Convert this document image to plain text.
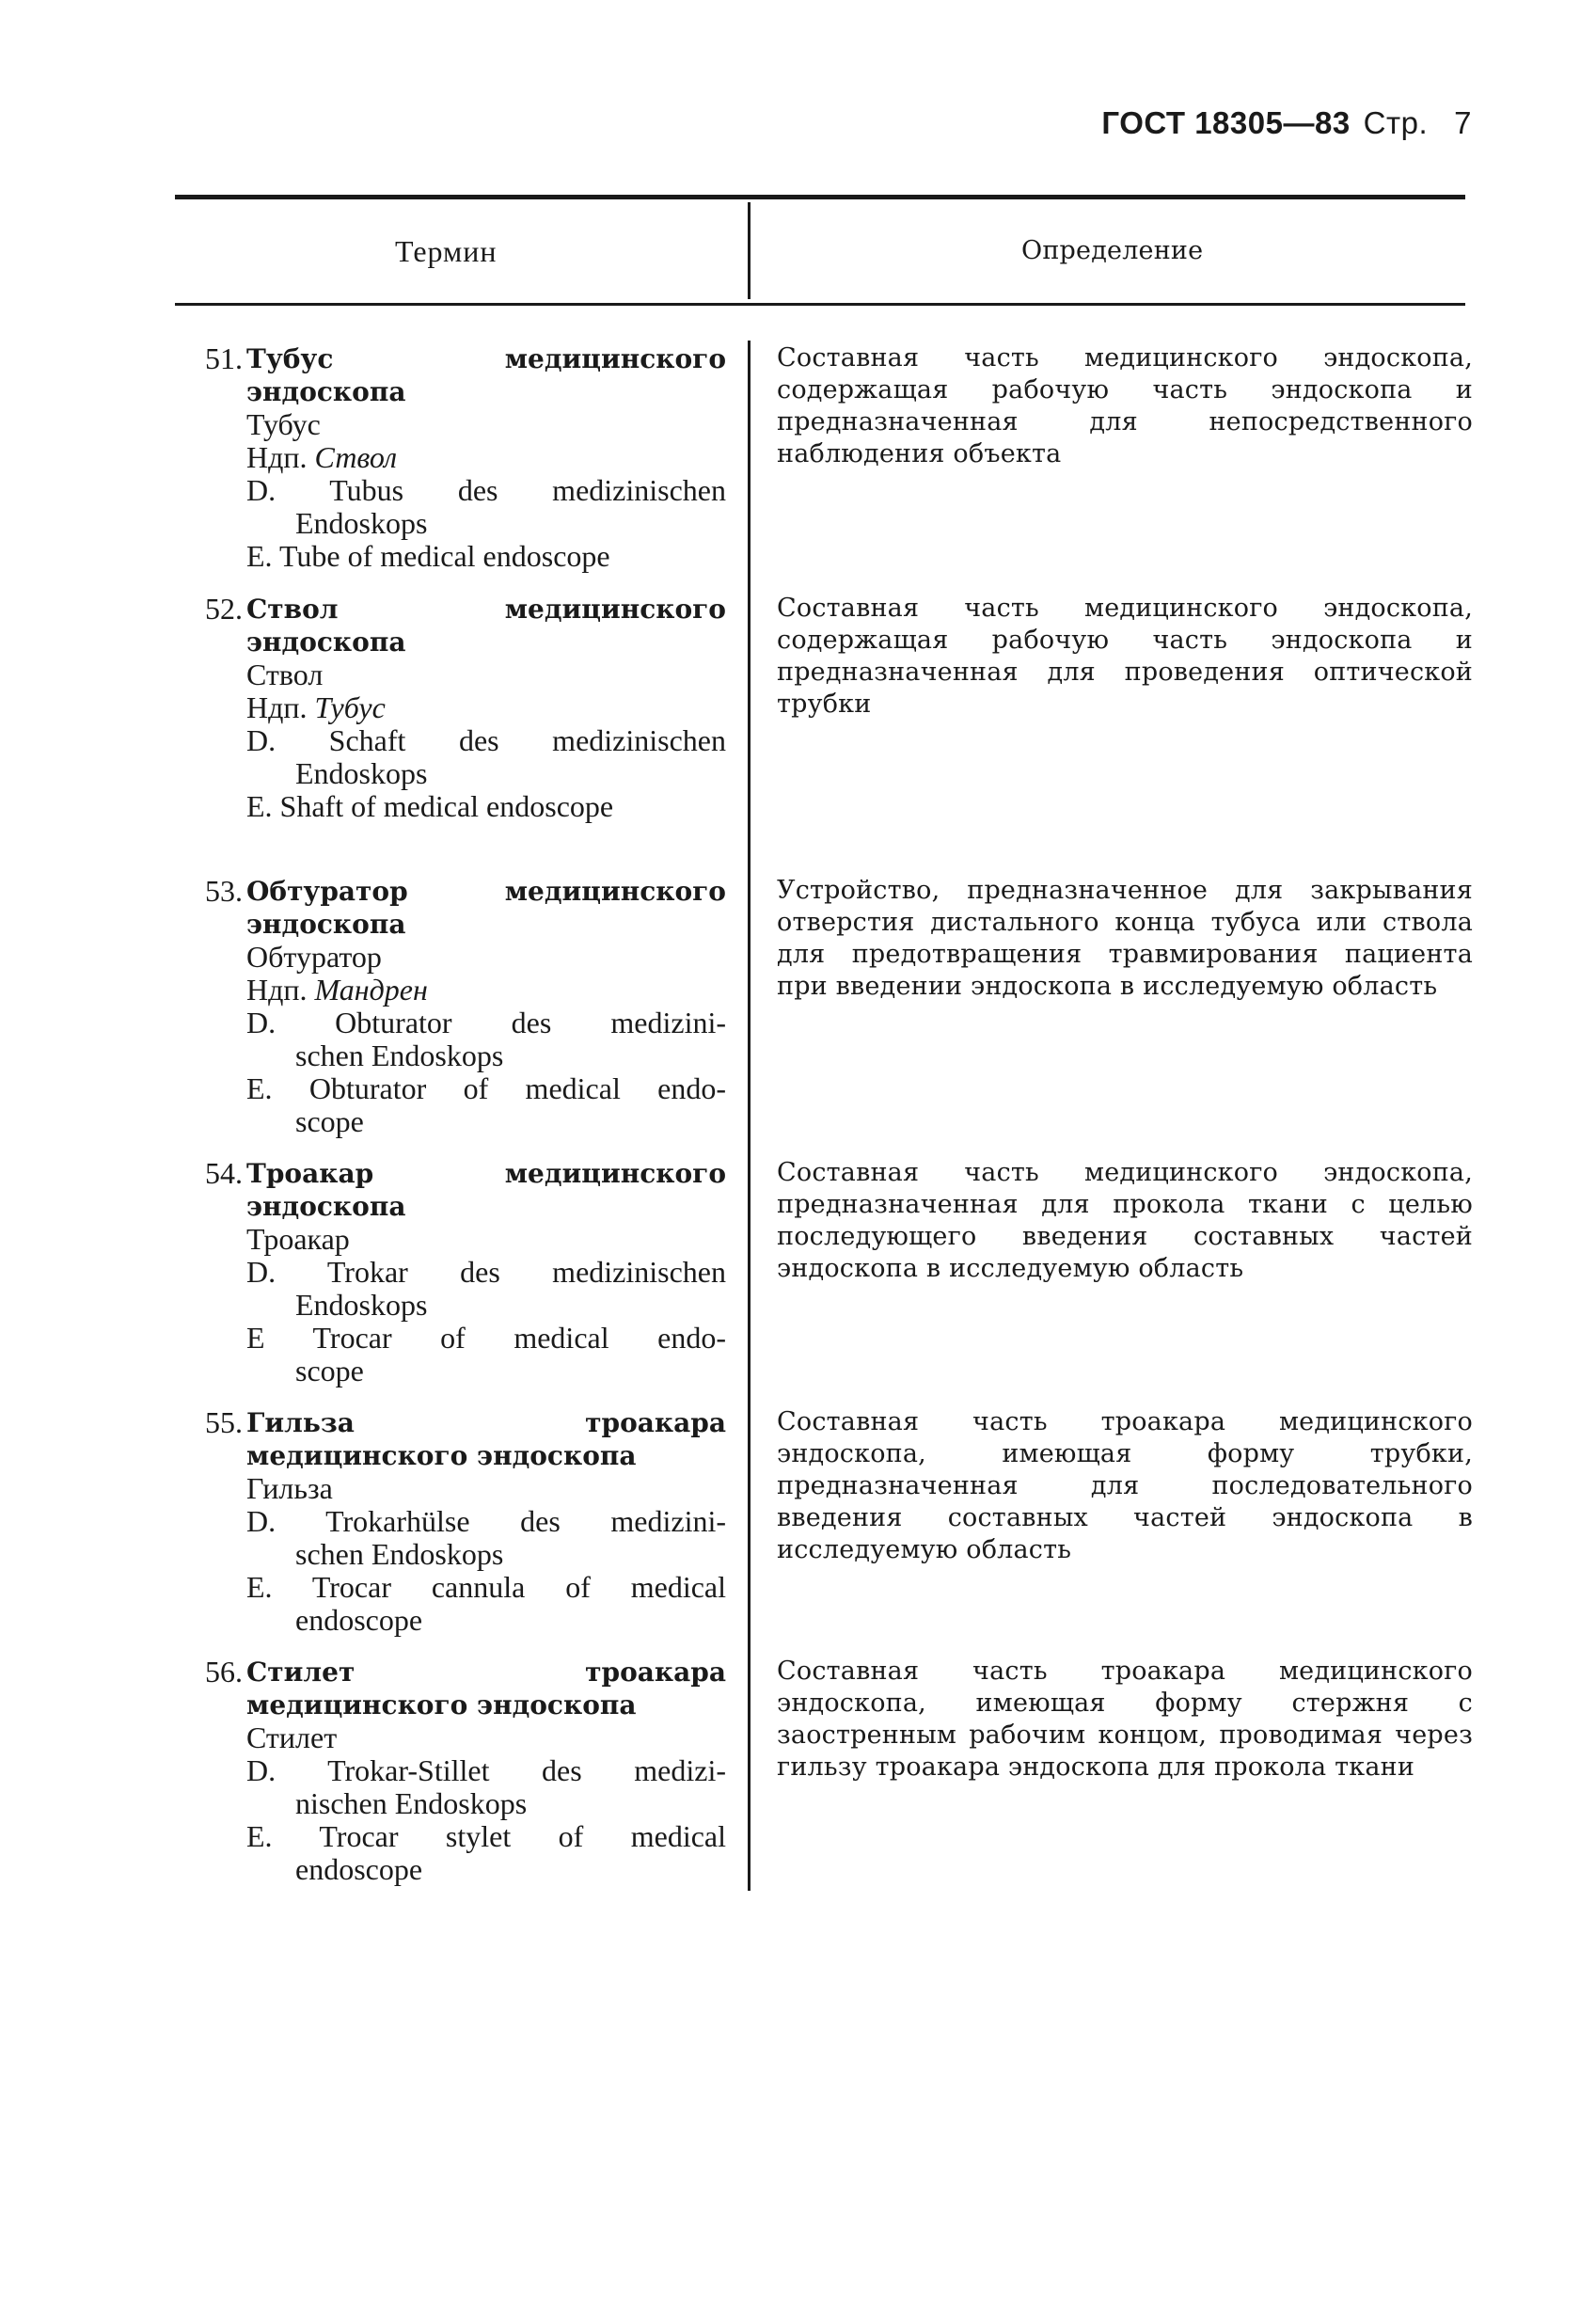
ГОСТ 18305—83 Стр. 7
Термин	Определение
51. Тубус медицинского эндоскопа
Тубус
Ндп. Ствол
D. Tubus des medizinischen
Endoskops
E. Tube of medical endoscope
Составная часть медицинского эндоскопа, содержащая рабочую часть эндоскопа и предназначенная для непосредственного наблюдения объекта
52. Ствол медицинского эндоскопа
Ствол
Ндп. Тубус
D. Schaft des medizinischen
Endoskops
E. Shaft of medical endoscope
Составная часть медицинского эндоскопа, содержащая рабочую часть эндоскопа и предназначенная для проведения оптической трубки
53. Обтуратор медицинского эндоскопа
Обтуратор
Ндп. Мандрен
D. Obturator des medizini-
schen Endoskops
E. Obturator of medical endo-
scope
Устройство, предназначенное для закрывания отверстия дистального конца тубуса или ствола для предотвращения травмирования пациента при введении эндоскопа в исследуемую область
54. Троакар медицинского эндоскопа
Троакар
D. Trokar des medizinischen
Endoskops
E Trocar of medical endo-
scope
Составная часть медицинского эндоскопа, предназначенная для прокола ткани с целью последующего введения составных частей эндоскопа в исследуемую область
55. Гильза троакара медицинского эндоскопа
Гильза
D. Trokarhülse des medizini-
schen Endoskops
E. Trocar cannula of medical
endoscope
Составная часть троакара медицинского эндоскопа, имеющая форму трубки, предназначенная для последовательного введения составных частей эндоскопа в исследуемую область
56. Стилет троакара медицинского эндоскопа
Стилет
D. Trokar-Stillet des medizi-
nischen Endoskops
E. Trocar stylet of medical
endoscope
Составная часть троакара медицинского эндоскопа, имеющая форму стержня с заостренным рабочим концом, проводимая через гильзу троакара эндоскопа для прокола ткани
